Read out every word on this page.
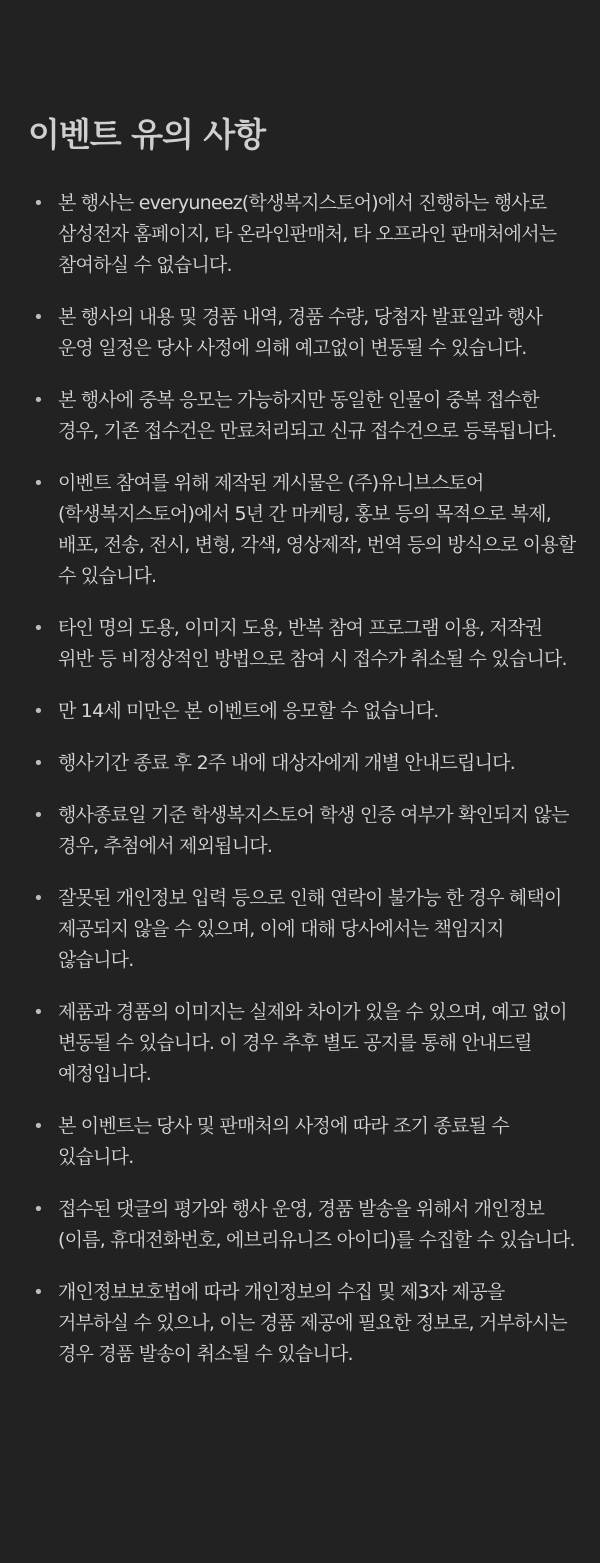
이벤트 유의 사항
• 본 행사는 everyuneez(학생복지스토어)에서 진행하는 행사로 삼성전자 홈페이지, 타 온라인판매처, 타 오프라인 판매처에서는 참여하실 수 없습니다.
• 본 행사의 내용 및 경품 내역, 경품 수량, 당첨자 발표일과 행사 운영 일정은 당사 사정에 의해 예고없이 변동될 수 있습니다.
• 본 행사에 중복 응모는 가능하지만 동일한 인물이 중복 접수한 경우, 기존 접수건은 만료처리되고 신규 접수건으로 등록됩니다.
• 이벤트 참여를 위해 제작된 게시물은 (주)유니브스토어(학생복지스토어)에서 5년 간 마케팅, 홍보 등의 목적으로 복제, 배포, 전송, 전시, 변형, 각색, 영상제작, 번역 등의 방식으로 이용할 수 있습니다.
• 타인 명의 도용, 이미지 도용, 반복 참여 프로그램 이용, 저작권 위반 등 비정상적인 방법으로 참여 시 접수가 취소될 수 있습니다.
• 만 14세 미만은 본 이벤트에 응모할 수 없습니다.
• 행사기간 종료 후 2주 내에 대상자에게 개별 안내드립니다.
• 행사종료일 기준 학생복지스토어 학생 인증 여부가 확인되지 않는 경우, 추첨에서 제외됩니다.
• 잘못된 개인정보 입력 등으로 인해 연락이 불가능 한 경우 혜택이 제공되지 않을 수 있으며, 이에 대해 당사에서는 책임지지 않습니다.
• 제품과 경품의 이미지는 실제와 차이가 있을 수 있으며, 예고 없이 변동될 수 있습니다. 이 경우 추후 별도 공지를 통해 안내드릴 예정입니다.
• 본 이벤트는 당사 및 판매처의 사정에 따라 조기 종료될 수 있습니다.
• 접수된 댓글의 평가와 행사 운영, 경품 발송을 위해서 개인정보(이름, 휴대전화번호, 에브리유니즈 아이디)를 수집할 수 있습니다.
• 개인정보보호법에 따라 개인정보의 수집 및 제3자 제공을 거부하실 수 있으나, 이는 경품 제공에 필요한 정보로, 거부하시는 경우 경품 발송이 취소될 수 있습니다.
